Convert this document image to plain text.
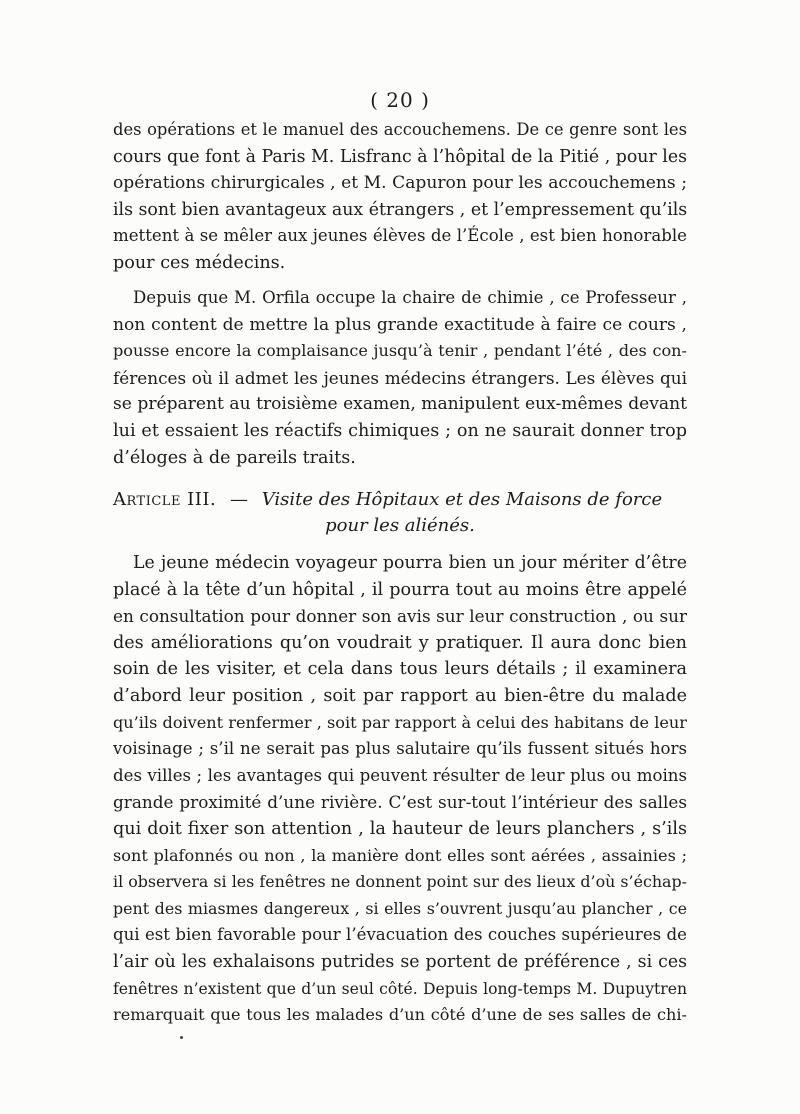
( 20 )
des opérations et le manuel des accouchemens. De ce genre sont les
cours que font à Paris M. Lisfranc à l’hôpital de la Pitié , pour les
opérations chirurgicales , et M. Capuron pour les accouchemens ;
ils sont bien avantageux aux étrangers , et l’empressement qu’ils
mettent à se mêler aux jeunes élèves de l’École , est bien honorable
pour ces médecins.
Depuis que M. Orfila occupe la chaire de chimie , ce Professeur ,
non content de mettre la plus grande exactitude à faire ce cours ,
pousse encore la complaisance jusqu’à tenir , pendant l’été , des con-
férences où il admet les jeunes médecins étrangers. Les élèves qui
se préparent au troisième examen, manipulent eux-mêmes devant
lui et essaient les réactifs chimiques ; on ne saurait donner trop
d’éloges à de pareils traits.
Article III. — Visite des Hôpitaux et des Maisons de force
pour les aliénés.
Le jeune médecin voyageur pourra bien un jour mériter d’être
placé à la tête d’un hôpital , il pourra tout au moins être appelé
en consultation pour donner son avis sur leur construction , ou sur
des améliorations qu’on voudrait y pratiquer. Il aura donc bien
soin de les visiter, et cela dans tous leurs détails ; il examinera
d’abord leur position , soit par rapport au bien-être du malade
qu’ils doivent renfermer , soit par rapport à celui des habitans de leur
voisinage ; s’il ne serait pas plus salutaire qu’ils fussent situés hors
des villes ; les avantages qui peuvent résulter de leur plus ou moins
grande proximité d’une rivière. C’est sur-tout l’intérieur des salles
qui doit fixer son attention , la hauteur de leurs planchers , s’ils
sont plafonnés ou non , la manière dont elles sont aérées , assainies ;
il observera si les fenêtres ne donnent point sur des lieux d’où s’échap-
pent des miasmes dangereux , si elles s’ouvrent jusqu’au plancher , ce
qui est bien favorable pour l’évacuation des couches supérieures de
l’air où les exhalaisons putrides se portent de préférence , si ces
fenêtres n’existent que d’un seul côté. Depuis long-temps M. Dupuytren
remarquait que tous les malades d’un côté d’une de ses salles de chi-
